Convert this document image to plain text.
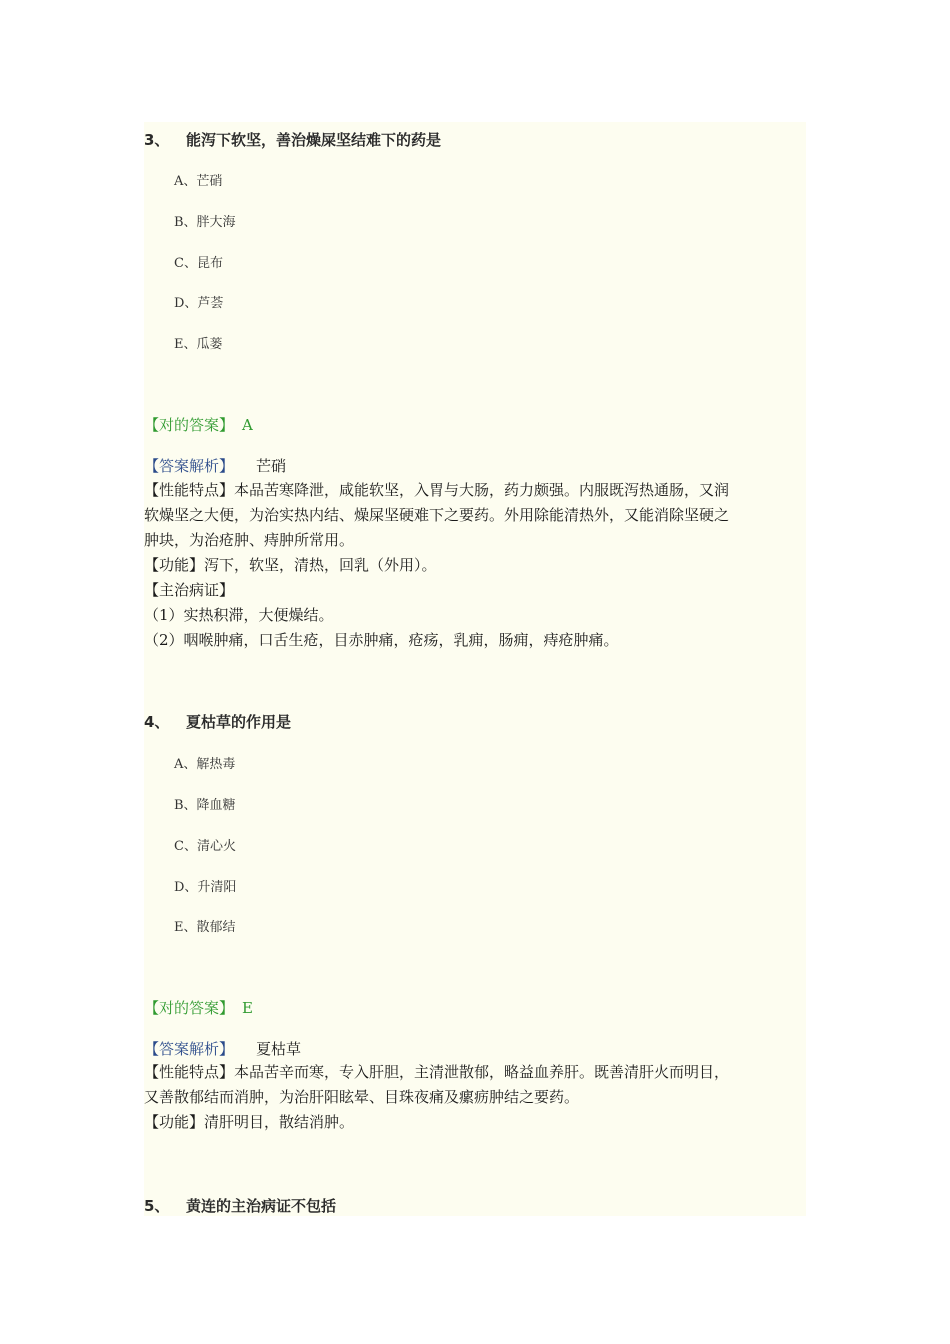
3、 能泻下软坚，善治燥屎坚结难下的药是
A、芒硝
B、胖大海
C、昆布
D、芦荟
E、瓜蒌
【对的答案】 A
【答案解析】 芒硝
【性能特点】本品苦寒降泄，咸能软坚，入胃与大肠，药力颇强。内服既泻热通肠，又润
软燥坚之大便，为治实热内结、燥屎坚硬难下之要药。外用除能清热外，又能消除坚硬之
肿块，为治疮肿、痔肿所常用。
【功能】泻下，软坚，清热，回乳（外用）。
【主治病证】
（1）实热积滞，大便燥结。
（2）咽喉肿痛，口舌生疮，目赤肿痛，疮疡，乳痈，肠痈，痔疮肿痛。
4、 夏枯草的作用是
A、解热毒
B、降血糖
C、清心火
D、升清阳
E、散郁结
【对的答案】 E
【答案解析】 夏枯草
【性能特点】本品苦辛而寒，专入肝胆，主清泄散郁，略益血养肝。既善清肝火而明目，
又善散郁结而消肿，为治肝阳眩晕、目珠夜痛及瘰疬肿结之要药。
【功能】清肝明目，散结消肿。
5、 黄连的主治病证不包括
